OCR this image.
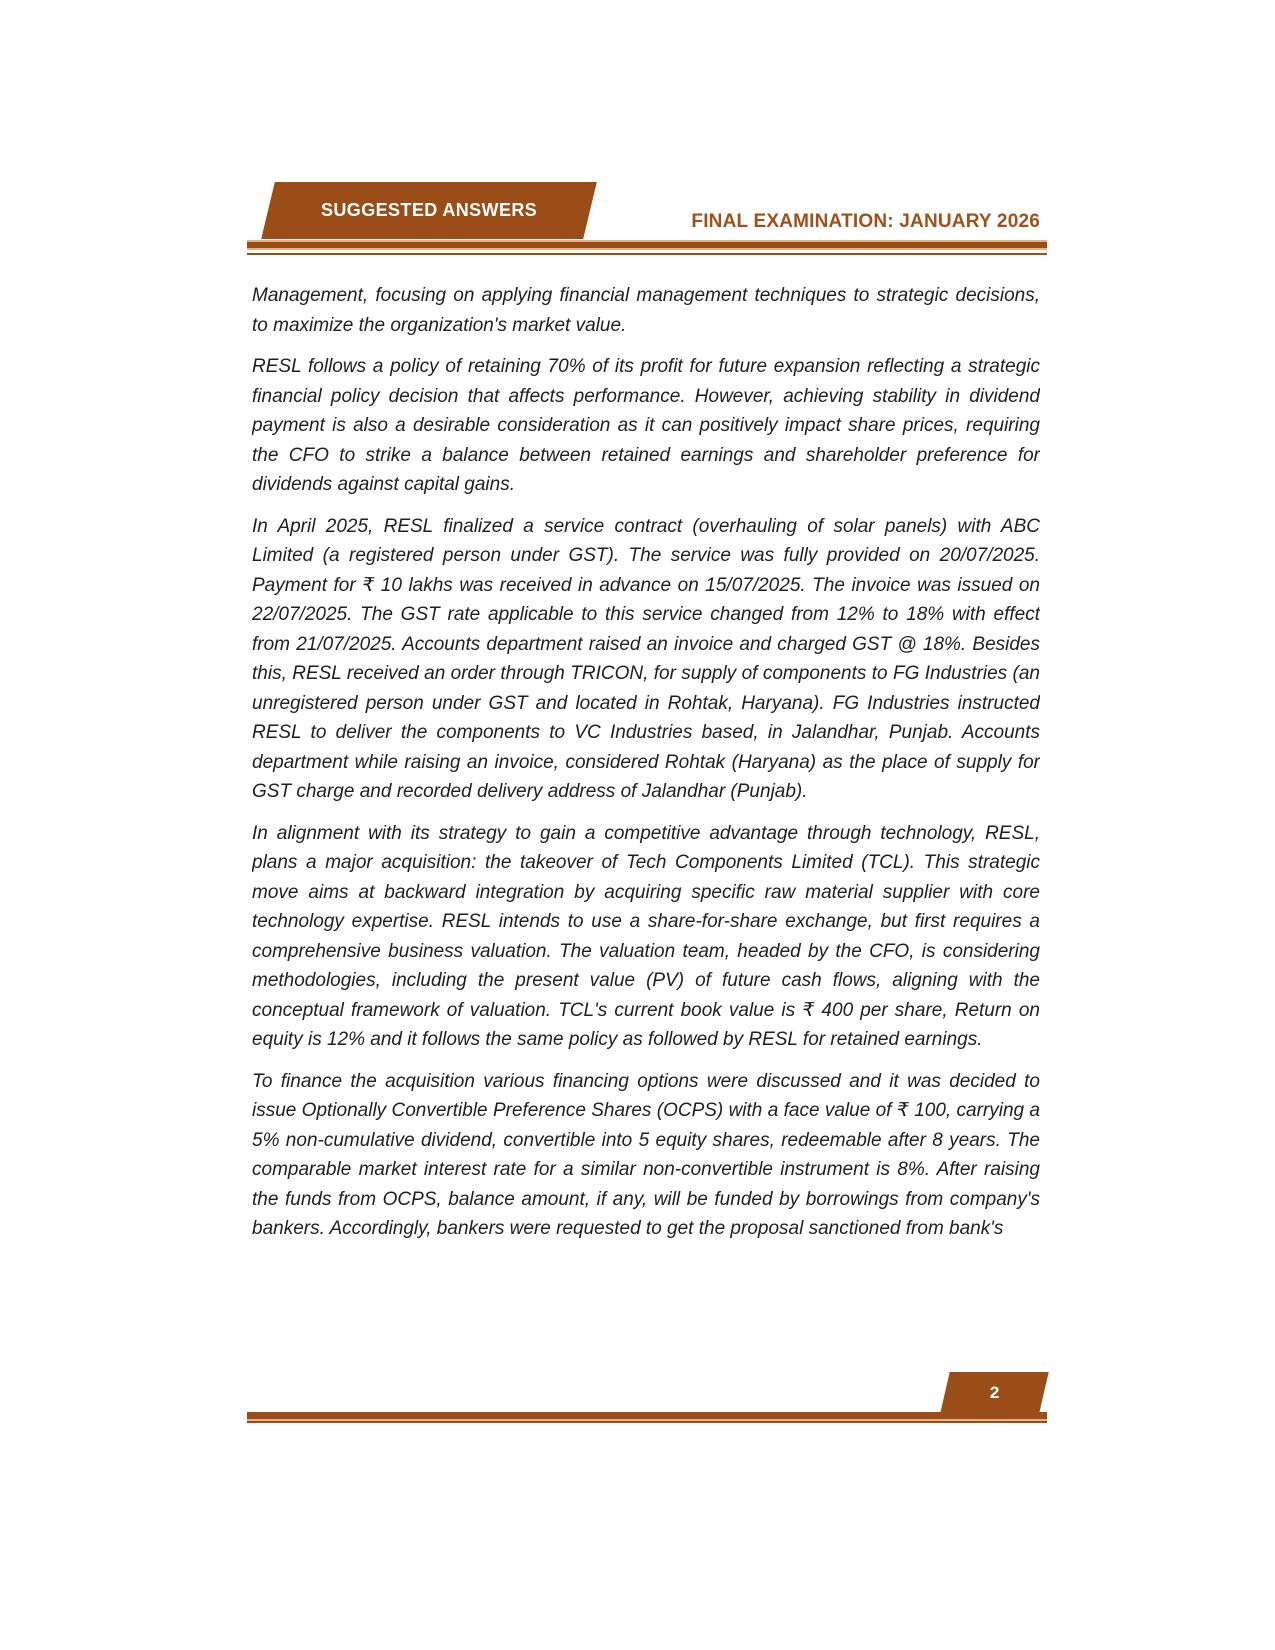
SUGGESTED ANSWERS
FINAL EXAMINATION: JANUARY 2026

Management, focusing on applying financial management techniques to strategic decisions, to maximize the organization's market value.

RESL follows a policy of retaining 70% of its profit for future expansion reflecting a strategic financial policy decision that affects performance. However, achieving stability in dividend payment is also a desirable consideration as it can positively impact share prices, requiring the CFO to strike a balance between retained earnings and shareholder preference for dividends against capital gains.

In April 2025, RESL finalized a service contract (overhauling of solar panels) with ABC Limited (a registered person under GST). The service was fully provided on 20/07/2025. Payment for ₹ 10 lakhs was received in advance on 15/07/2025. The invoice was issued on 22/07/2025. The GST rate applicable to this service changed from 12% to 18% with effect from 21/07/2025. Accounts department raised an invoice and charged GST @ 18%. Besides this, RESL received an order through TRICON, for supply of components to FG Industries (an unregistered person under GST and located in Rohtak, Haryana). FG Industries instructed RESL to deliver the components to VC Industries based, in Jalandhar, Punjab. Accounts department while raising an invoice, considered Rohtak (Haryana) as the place of supply for GST charge and recorded delivery address of Jalandhar (Punjab).

In alignment with its strategy to gain a competitive advantage through technology, RESL, plans a major acquisition: the takeover of Tech Components Limited (TCL). This strategic move aims at backward integration by acquiring specific raw material supplier with core technology expertise. RESL intends to use a share-for-share exchange, but first requires a comprehensive business valuation. The valuation team, headed by the CFO, is considering methodologies, including the present value (PV) of future cash flows, aligning with the conceptual framework of valuation. TCL's current book value is ₹ 400 per share, Return on equity is 12% and it follows the same policy as followed by RESL for retained earnings.

To finance the acquisition various financing options were discussed and it was decided to issue Optionally Convertible Preference Shares (OCPS) with a face value of ₹ 100, carrying a 5% non-cumulative dividend, convertible into 5 equity shares, redeemable after 8 years. The comparable market interest rate for a similar non-convertible instrument is 8%. After raising the funds from OCPS, balance amount, if any, will be funded by borrowings from company's bankers. Accordingly, bankers were requested to get the proposal sanctioned from bank's

2
